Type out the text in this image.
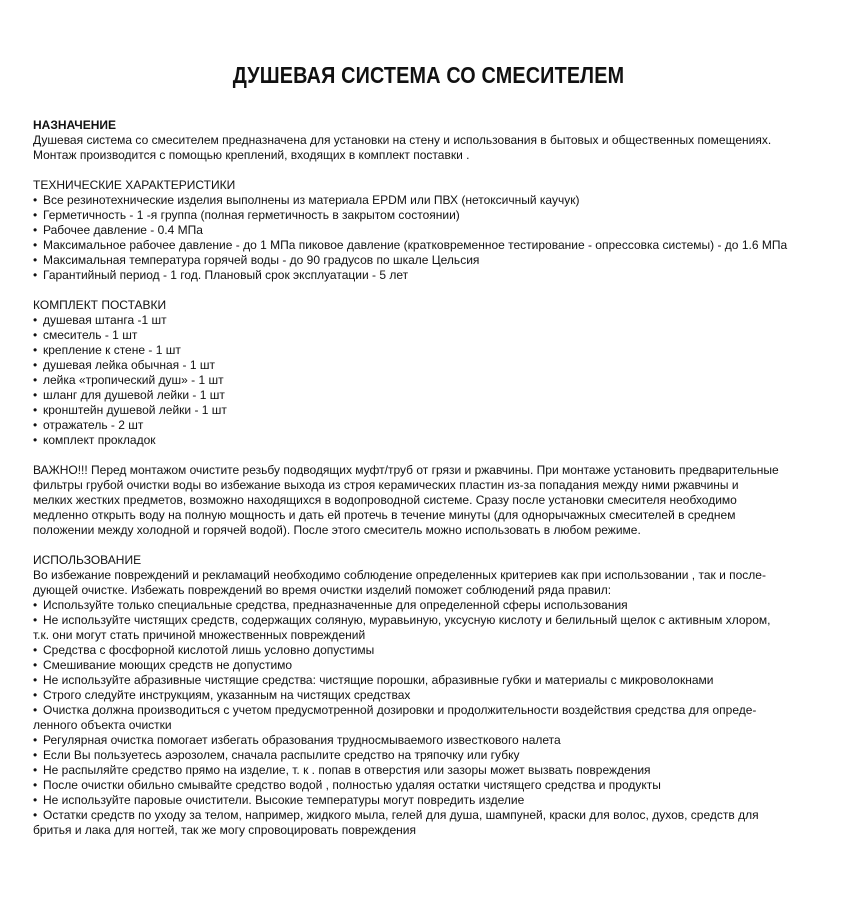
ДУШЕВАЯ СИСТЕМА СО СМЕСИТЕЛЕМ

НАЗНАЧЕНИЕ

Душевая система со смесителем предназначена для установки на стену и использования в бытовых и общественных помещениях.

Монтаж производится с помощью креплений, входящих в комплект поставки .

ТЕХНИЧЕСКИЕ ХАРАКТЕРИСТИКИ

• Все резинотехнические изделия выполнены из материала EPDM или ПВХ (нетоксичный каучук)

• Герметичность - 1 -я группа (полная герметичность в закрытом состоянии)

• Рабочее давление - 0.4 МПа

• Максимальное рабочее давление - до 1 МПа пиковое давление (кратковременное тестирование - опрессовка системы) - до 1.6 МПа

• Максимальная температура горячей воды - до 90 градусов по шкале Цельсия

• Гарантийный период - 1 год. Плановый срок эксплуатации - 5 лет

КОМПЛЕКТ ПОСТАВКИ

• душевая штанга -1 шт

• смеситель - 1 шт

• крепление к стене - 1 шт

• душевая лейка обычная - 1 шт

• лейка «тропический душ» - 1 шт

• шланг для душевой лейки - 1 шт

• кронштейн душевой лейки - 1 шт

• отражатель - 2 шт

• комплект прокладок

ВАЖНО!!! Перед монтажом очистите резьбу подводящих муфт/труб от грязи и ржавчины. При монтаже установить предварительные

фильтры грубой очистки воды во избежание выхода из строя керамических пластин из-за попадания между ними ржавчины и

мелких жестких предметов, возможно находящихся в водопроводной системе. Сразу после установки смесителя необходимо

медленно открыть воду на полную мощность и дать ей протечь в течение минуты (для однорычажных смесителей в среднем

положении между холодной и горячей водой). После этого смеситель можно использовать в любом режиме.

ИСПОЛЬЗОВАНИЕ

Во избежание повреждений и рекламаций необходимо соблюдение определенных критериев как при использовании , так и после-

дующей очистке. Избежать повреждений во время очистки изделий поможет соблюдений ряда правил:

• Используйте только специальные средства, предназначенные для определенной сферы использования

• Не используйте чистящих средств, содержащих соляную, муравьиную, уксусную кислоту и белильный щелок с активным хлором,

т.к. они могут стать причиной множественных повреждений

• Средства с фосфорной кислотой лишь условно допустимы

• Смешивание моющих средств не допустимо

• Не используйте абразивные чистящие средства: чистящие порошки, абразивные губки и материалы с микроволокнами

• Строго следуйте инструкциям, указанным на чистящих средствах

• Очистка должна производиться с учетом предусмотренной дозировки и продолжительности воздействия средства для опреде-

ленного объекта очистки

• Регулярная очистка помогает избегать образования трудносмываемого известкового налета

• Если Вы пользуетесь аэрозолем, сначала распылите средство на тряпочку или губку

• Не распыляйте средство прямо на изделие, т. к . попав в отверстия или зазоры может вызвать повреждения

• После очистки обильно смывайте средство водой , полностью удаляя остатки чистящего средства и продукты

• Не используйте паровые очистители. Высокие температуры могут повредить изделие

• Остатки средств по уходу за телом, например, жидкого мыла, гелей для душа, шампуней, краски для волос, духов, средств для

бритья и лака для ногтей, так же могу спровоцировать повреждения
